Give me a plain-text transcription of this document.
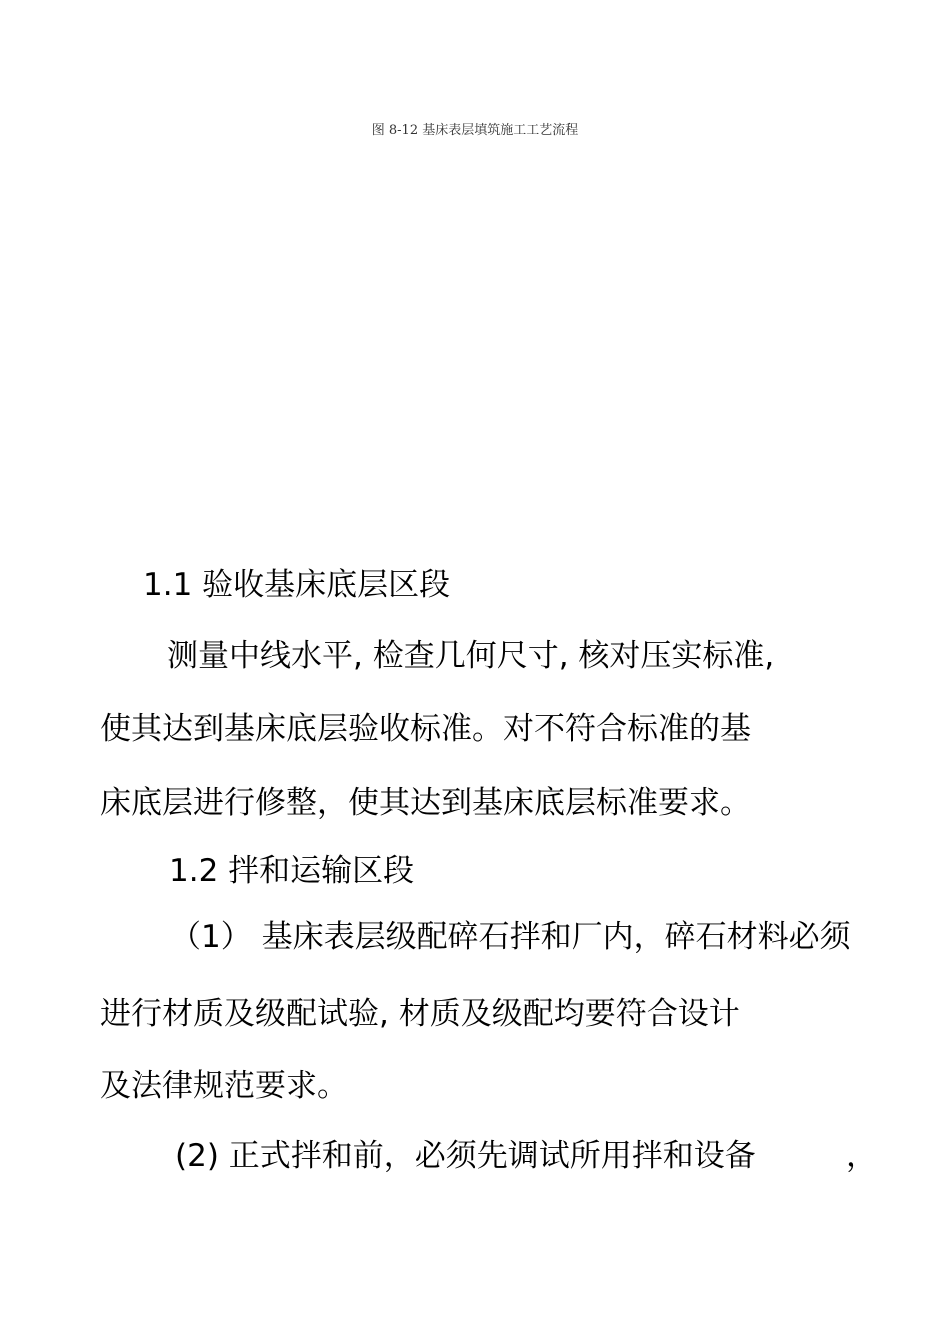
图 8-12 基床表层填筑施工工艺流程
1.1 验收基床底层区段
测量中线水平, 检查几何尺寸, 核对压实标准,
使其达到基床底层验收标准。对不符合标准的基
床底层进行修整，使其达到基床底层标准要求。
1.2 拌和运输区段
（1） 基床表层级配碎石拌和厂内，碎石材料必须
进行材质及级配试验, 材质及级配均要符合设计
及法律规范要求。
(2) 正式拌和前，必须先调试所用拌和设备	，
